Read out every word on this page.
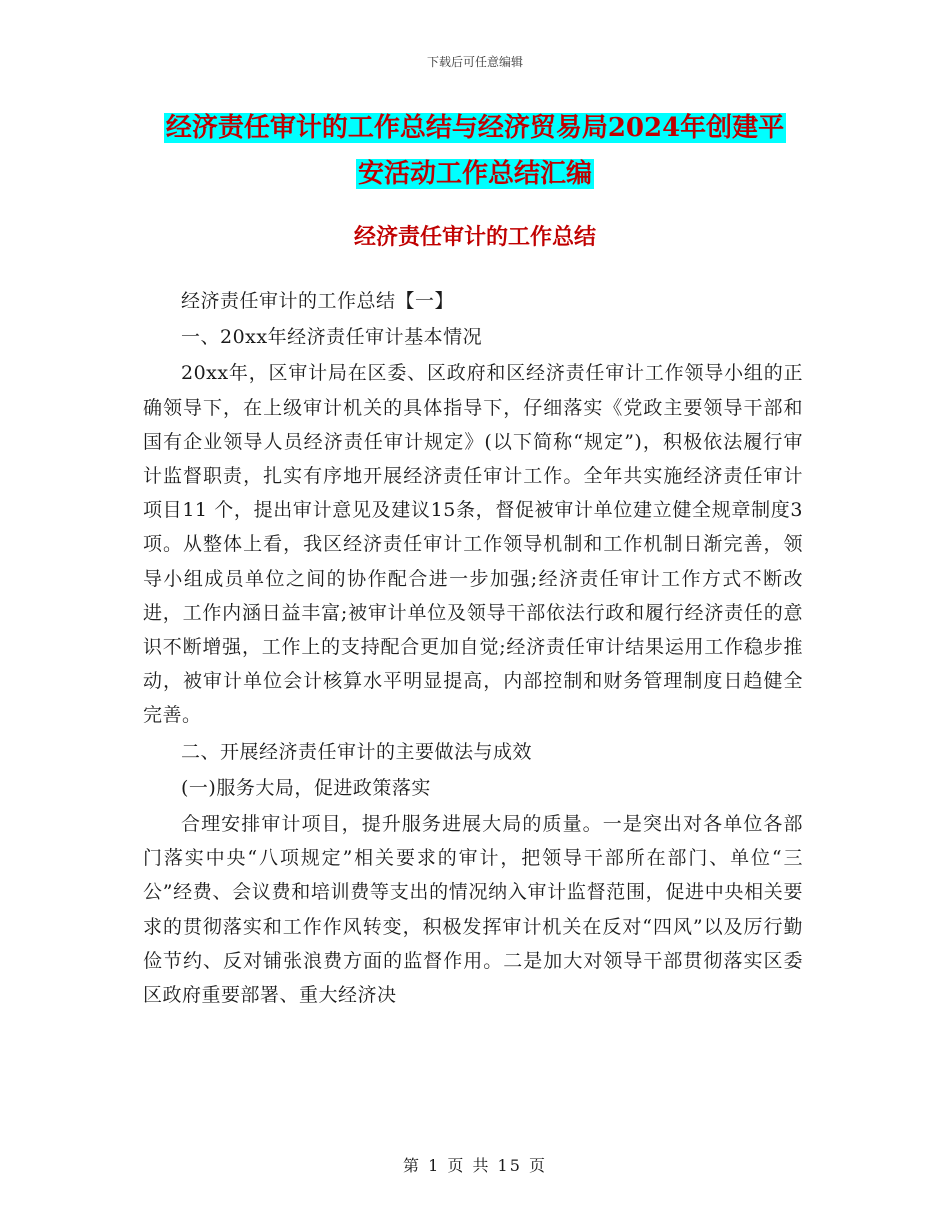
下载后可任意编辑
经济责任审计的工作总结与经济贸易局2024年创建平
安活动工作总结汇编
经济责任审计的工作总结

经济责任审计的工作总结【一】

一、20xx年经济责任审计基本情况

20xx年，区审计局在区委、区政府和区经济责任审计工作领导小组的正确领导下，在上级审计机关的具体指导下，仔细落实《党政主要领导干部和国有企业领导人员经济责任审计规定》(以下简称“规定”)，积极依法履行审计监督职责，扎实有序地开展经济责任审计工作。全年共实施经济责任审计项目11 个，提出审计意见及建议15条，督促被审计单位建立健全规章制度3项。从整体上看，我区经济责任审计工作领导机制和工作机制日渐完善，领导小组成员单位之间的协作配合进一步加强;经济责任审计工作方式不断改进，工作内涵日益丰富;被审计单位及领导干部依法行政和履行经济责任的意识不断增强，工作上的支持配合更加自觉;经济责任审计结果运用工作稳步推动，被审计单位会计核算水平明显提高，内部控制和财务管理制度日趋健全完善。

二、开展经济责任审计的主要做法与成效

(一)服务大局，促进政策落实

合理安排审计项目，提升服务进展大局的质量。一是突出对各单位各部门落实中央“八项规定”相关要求的审计，把领导干部所在部门、单位“三公”经费、会议费和培训费等支出的情况纳入审计监督范围，促进中央相关要求的贯彻落实和工作作风转变，积极发挥审计机关在反对“四风”以及厉行勤俭节约、反对铺张浪费方面的监督作用。二是加大对领导干部贯彻落实区委区政府重要部署、重大经济决

第 1 页 共 15 页
